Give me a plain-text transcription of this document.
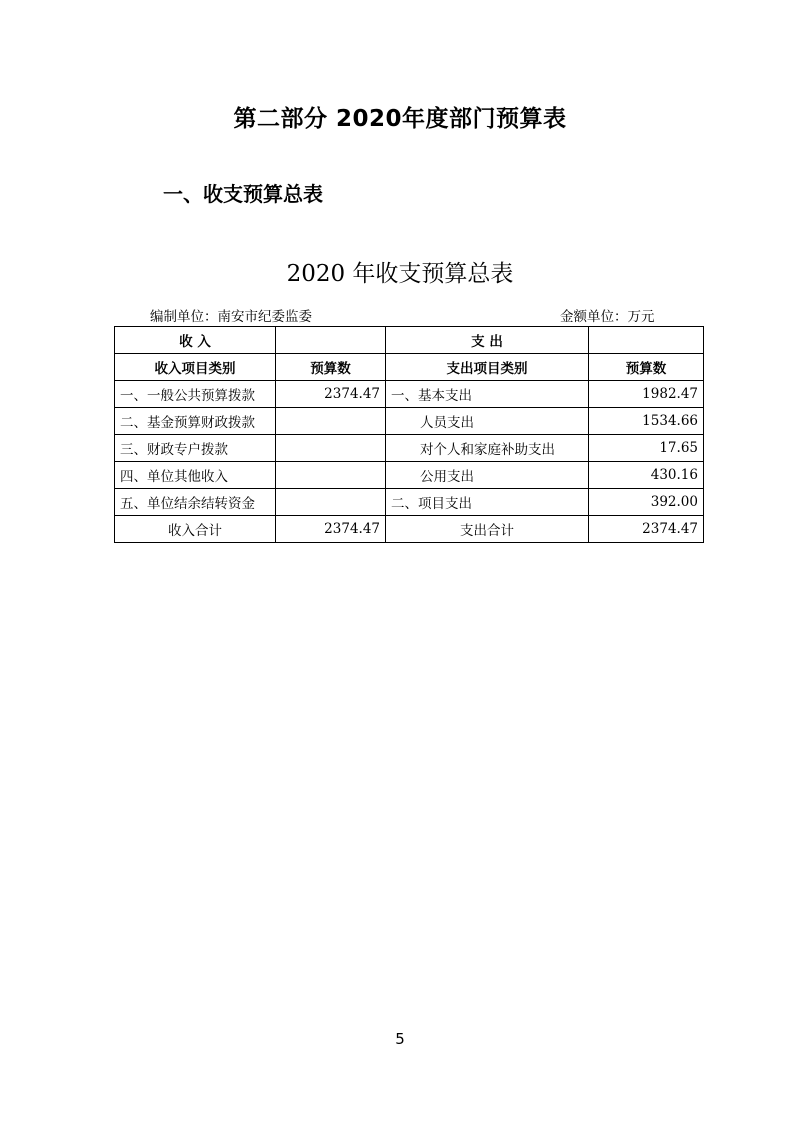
第二部分 2020年度部门预算表
一、收支预算总表
2020 年收支预算总表
编制单位：南安市纪委监委	金额单位：万元
收 入		支 出	
收入项目类别	预算数	支出项目类别	预算数
一、一般公共预算拨款	2374.47	一、基本支出	1982.47
二、基金预算财政拨款		人员支出	1534.66
三、财政专户拨款		对个人和家庭补助支出	17.65
四、单位其他收入		公用支出	430.16
五、单位结余结转资金		二、项目支出	392.00
收入合计	2374.47	支出合计	2374.47
5
